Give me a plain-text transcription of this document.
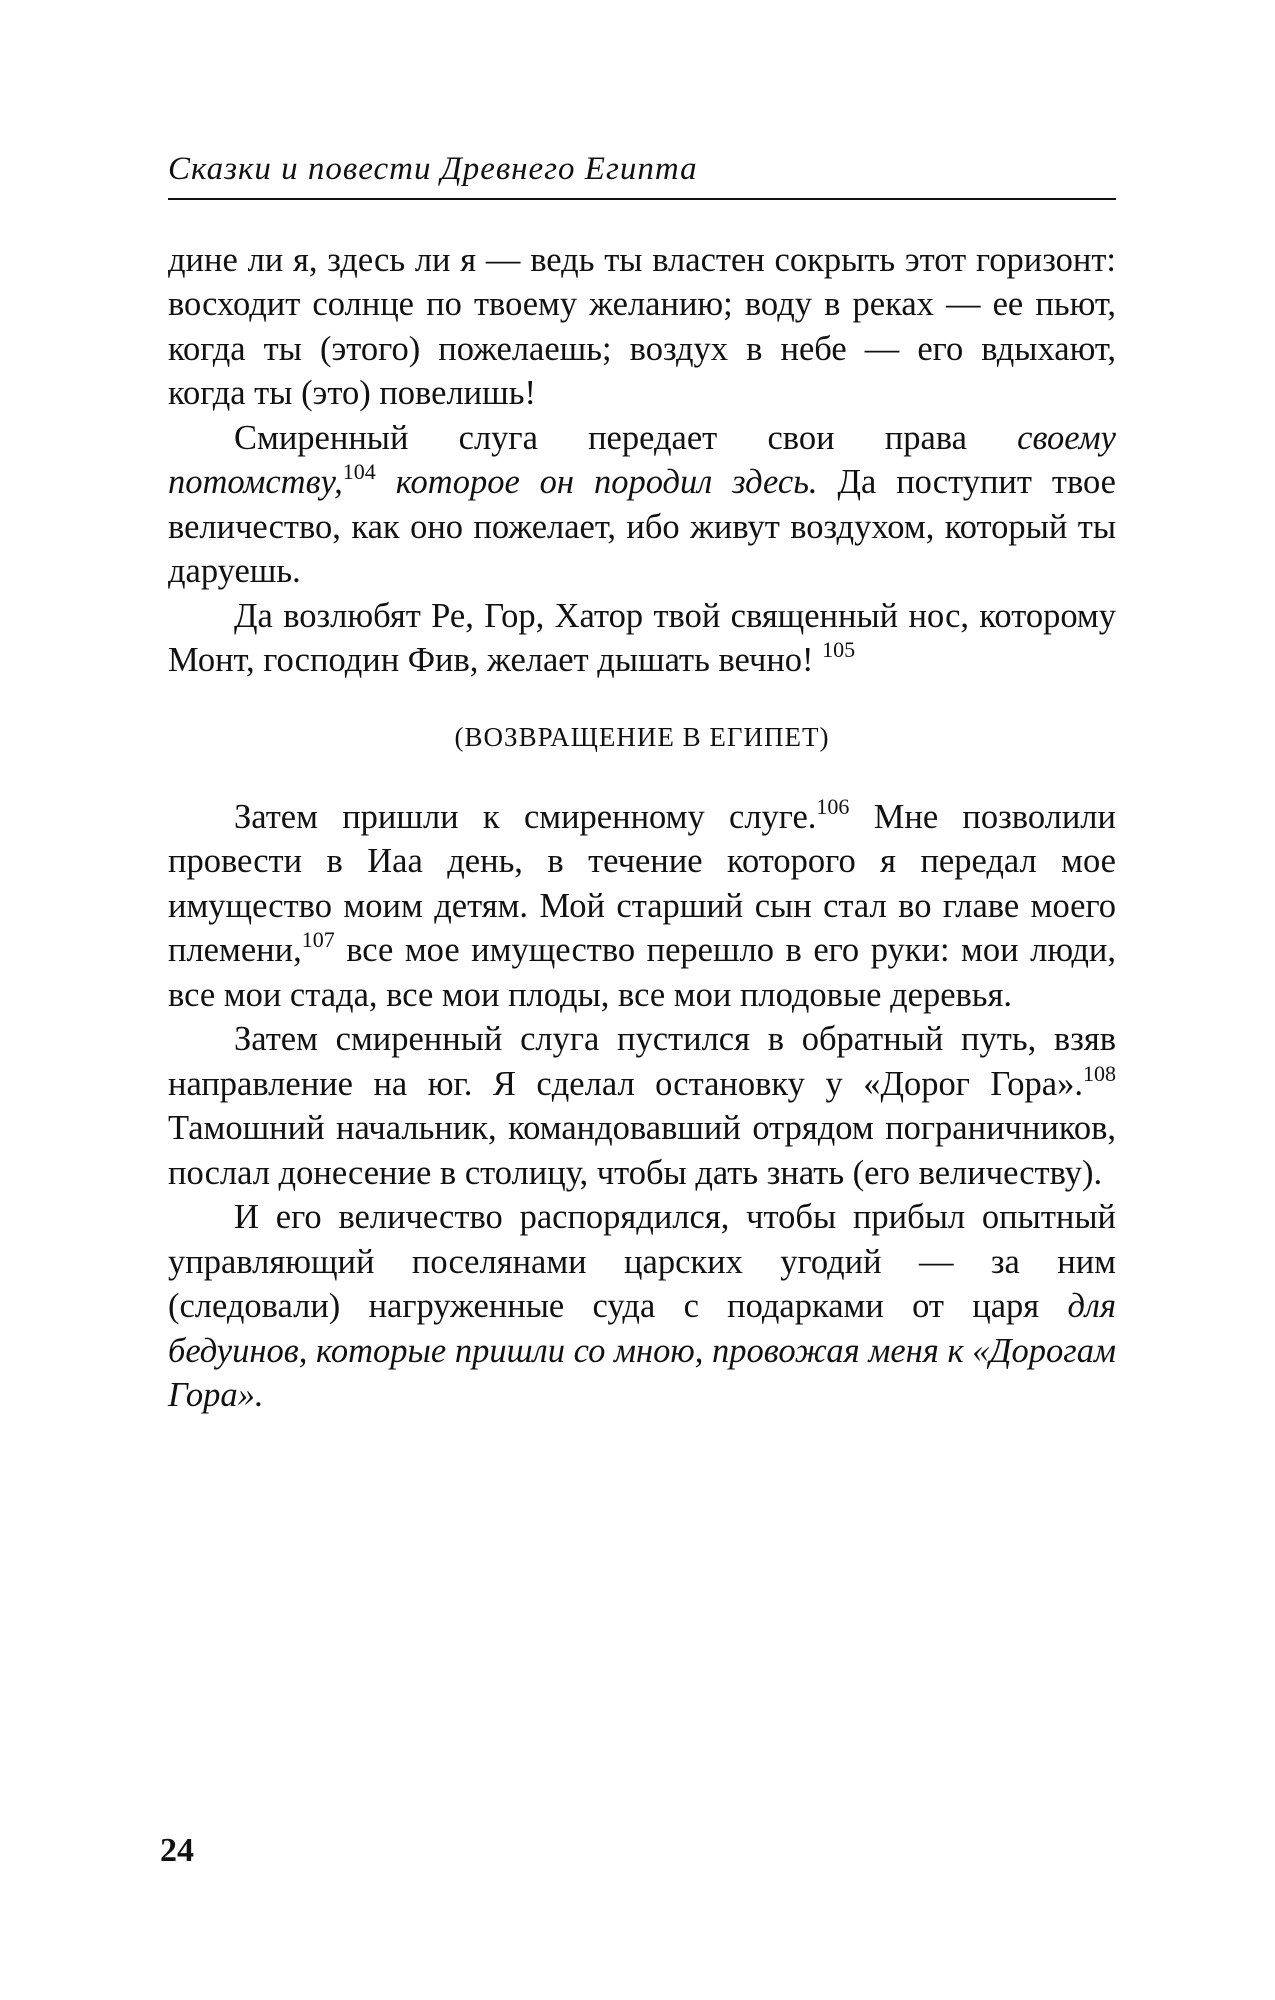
Сказки и повести Древнего Египта

дине ли я, здесь ли я — ведь ты властен сокрыть этот горизонт: восходит солнце по твоему желанию; воду в реках — ее пьют, когда ты (этого) пожелаешь; воздух в небе — его вдыхают, когда ты (это) повелишь!

Смиренный слуга передает свои права своему потомству,$^{104}$ которое он породил здесь. Да поступит твое величество, как оно пожелает, ибо живут воздухом, который ты даруешь.

Да возлюбят Ре, Гор, Хатор твой священный нос, которому Монт, господин Фив, желает дышать вечно! $^{105}$

(ВОЗВРАЩЕНИЕ В ЕГИПЕТ)

Затем пришли к смиренному слуге.$^{106}$ Мне позволили провести в Иаа день, в течение которого я передал мое имущество моим детям. Мой старший сын стал во главе моего племени,$^{107}$ все мое имущество перешло в его руки: мои люди, все мои стада, все мои плоды, все мои плодовые деревья.

Затем смиренный слуга пустился в обратный путь, взяв направление на юг. Я сделал остановку у «Дорог Гора».$^{108}$ Тамошний начальник, командовавший отрядом пограничников, послал донесение в столицу, чтобы дать знать (его величеству).

И его величество распорядился, чтобы прибыл опытный управляющий поселянами царских угодий — за ним (следовали) нагруженные суда с подарками от царя для бедуинов, которые пришли со мною, провожая меня к «Дорогам Гора».

24
